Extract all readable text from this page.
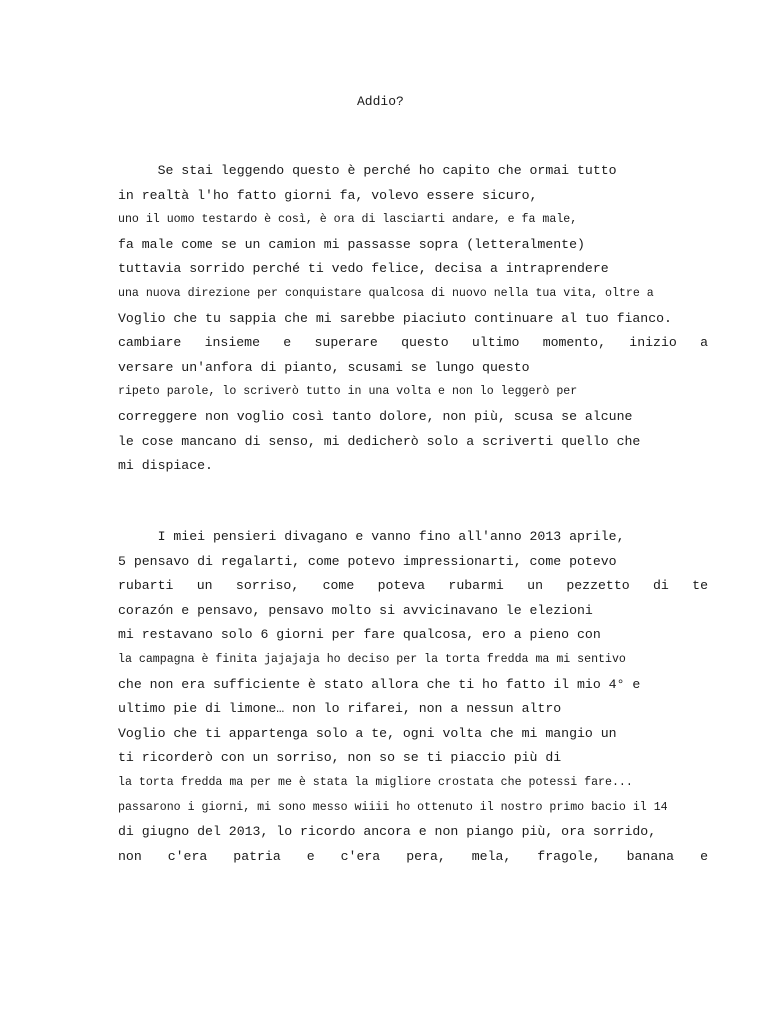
Addio?
Se stai leggendo questo è perché ho capito che ormai tutto
in realtà l'ho fatto giorni fa, volevo essere sicuro,
uno il uomo testardo è così, è ora di lasciarti andare, e fa male,
fa male come se un camion mi passasse sopra (letteralmente)
tuttavia sorrido perché ti vedo felice, decisa a intraprendere
una nuova direzione per conquistare qualcosa di nuovo nella tua vita, oltre a
Voglio che tu sappia che mi sarebbe piaciuto continuare al tuo fianco.
cambiare insieme e superare questo ultimo momento, inizio a
versare un'anfora di pianto, scusami se lungo questo
ripeto parole, lo scriverò tutto in una volta e non lo leggerò per
correggere non voglio così tanto dolore, non più, scusa se alcune
le cose mancano di senso, mi dedicherò solo a scriverti quello che
mi dispiace.
I miei pensieri divagano e vanno fino all'anno 2013 aprile,
5 pensavo di regalarti, come potevo impressionarti, come potevo
rubarti un sorriso, come poteva rubarmi un pezzetto di te
corazón e pensavo, pensavo molto si avvicinavano le elezioni
mi restavano solo 6 giorni per fare qualcosa, ero a pieno con
la campagna è finita jajajaja ho deciso per la torta fredda ma mi sentivo
che non era sufficiente è stato allora che ti ho fatto il mio 4° e
ultimo pie di limone… non lo rifarei, non a nessun altro
Voglio che ti appartenga solo a te, ogni volta che mi mangio un
ti ricorderò con un sorriso, non so se ti piaccio più di
la torta fredda ma per me è stata la migliore crostata che potessi fare...
passarono i giorni, mi sono messo wiiii ho ottenuto il nostro primo bacio il 14
di giugno del 2013, lo ricordo ancora e non piango più, ora sorrido,
non c'era patria e c'era pera, mela, fragole, banana e
